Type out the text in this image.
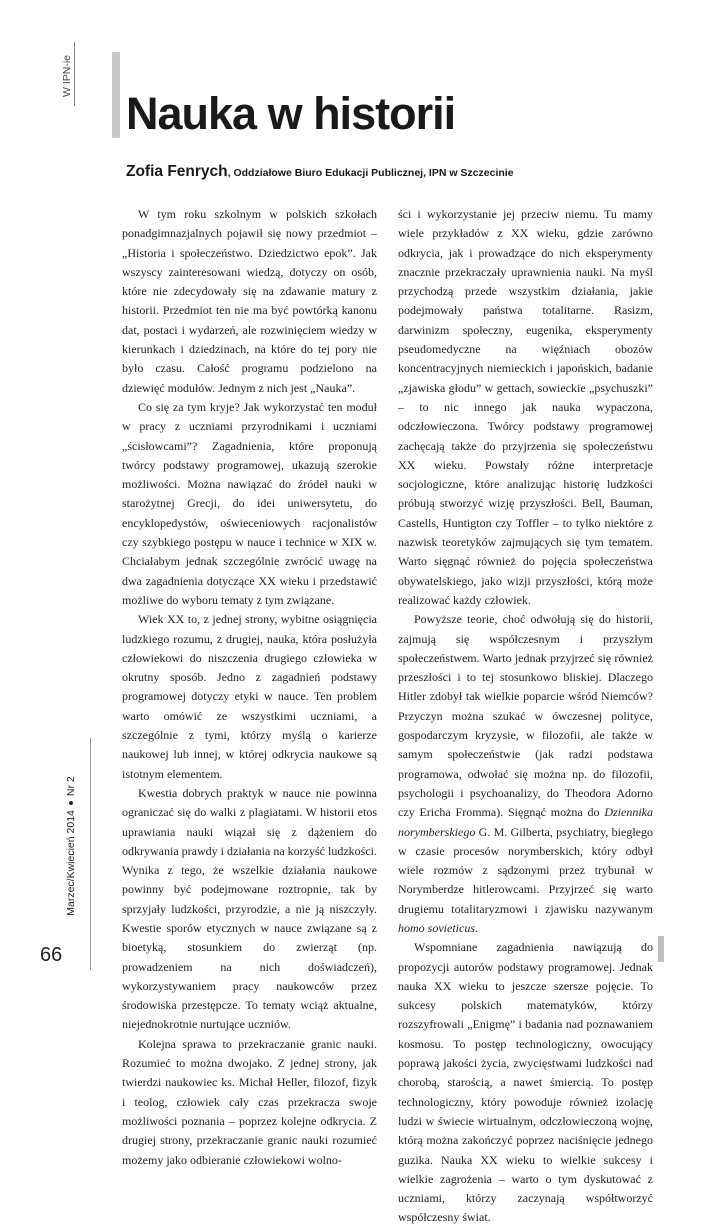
W IPN-ie
Marzec/Kwiecień 2014Nr 2
66
Nauka w historii
Zofia Fenrych, Oddziałowe Biuro Edukacji Publicznej, IPN w Szczecinie

W tym roku szkolnym w polskich szkołach ponadgimnazjalnych pojawił się nowy przedmiot – „Historia i społeczeństwo. Dziedzictwo epok”. Jak wszyscy zainteresowani wiedzą, dotyczy on osób, które nie zdecydowały się na zdawanie matury z historii. Przedmiot ten nie ma być powtórką kanonu dat, postaci i wydarzeń, ale rozwinięciem wiedzy w kierunkach i dziedzinach, na które do tej pory nie było czasu. Całość programu podzielono na dziewięć modułów. Jednym z nich jest „Nauka”.

Co się za tym kryje? Jak wykorzystać ten moduł w pracy z uczniami przyrodnikami i uczniami „ścisłowcami”? Zagadnienia, które proponują twórcy podstawy programowej, ukazują szerokie możliwości. Można nawiązać do źródeł nauki w starożytnej Grecji, do idei uniwersytetu, do encyklopedystów, oświeceniowych racjonalistów czy szybkiego postępu w nauce i technice w XIX w. Chciałabym jednak szczególnie zwrócić uwagę na dwa zagadnienia dotyczące XX wieku i przedstawić możliwe do wyboru tematy z tym związane.

Wiek XX to, z jednej strony, wybitne osiągnięcia ludzkiego rozumu, z drugiej, nauka, która posłużyła człowiekowi do niszczenia drugiego człowieka w okrutny sposób. Jedno z zagadnień podstawy programowej dotyczy etyki w nauce. Ten problem warto omówić ze wszystkimi uczniami, a szczególnie z tymi, którzy myślą o karierze naukowej lub innej, w której odkrycia naukowe są istotnym elementem.

Kwestia dobrych praktyk w nauce nie powinna ograniczać się do walki z plagiatami. W historii etos uprawiania nauki wiązał się z dążeniem do odkrywania prawdy i działania na korzyść ludzkości. Wynika z tego, że wszelkie działania naukowe powinny być podejmowane roztropnie, tak by sprzyjały ludzkości, przyrodzie, a nie ją niszczyły. Kwestie sporów etycznych w nauce związane są z bioetyką, stosunkiem do zwierząt (np. prowadzeniem na nich doświadczeń), wykorzystywaniem pracy naukowców przez środowiska przestępcze. To tematy wciąż aktualne, niejednokrotnie nurtujące uczniów.

Kolejna sprawa to przekraczanie granic nauki. Rozumieć to można dwojako. Z jednej strony, jak twierdzi naukowiec ks. Michał Heller, filozof, fizyk i teolog, człowiek cały czas przekracza swoje możliwości poznania – poprzez kolejne odkrycia. Z drugiej strony, przekraczanie granic nauki rozumieć możemy jako odbieranie człowiekowi wolno-

ści i wykorzystanie jej przeciw niemu. Tu mamy wiele przykładów z XX wieku, gdzie zarówno odkrycia, jak i prowadzące do nich eksperymenty znacznie przekraczały uprawnienia nauki. Na myśl przychodzą przede wszystkim działania, jakie podejmowały państwa totalitarne. Rasizm, darwinizm społeczny, eugenika, eksperymenty pseudomedyczne na więźniach obozów koncentracyjnych niemieckich i japońskich, badanie „zjawiska głodu” w gettach, sowieckie „psychuszki” – to nic innego jak nauka wypaczona, odczłowieczona. Twórcy podstawy programowej zachęcają także do przyjrzenia się społeczeństwu XX wieku. Powstały różne interpretacje socjologiczne, które analizując historię ludzkości próbują stworzyć wizję przyszłości. Bell, Bauman, Castells, Huntigton czy Toffler – to tylko niektóre z nazwisk teoretyków zajmujących się tym tematem. Warto sięgnąć również do pojęcia społeczeństwa obywatelskiego, jako wizji przyszłości, którą może realizować każdy człowiek.

Powyższe teorie, choć odwołują się do historii, zajmują się współczesnym i przyszłym społeczeństwem. Warto jednak przyjrzeć się również przeszłości i to tej stosunkowo bliskiej. Dlaczego Hitler zdobył tak wielkie poparcie wśród Niemców? Przyczyn można szukać w ówczesnej polityce, gospodarczym kryzysie, w filozofii, ale także w samym społeczeństwie (jak radzi podstawa programowa, odwołać się można np. do filozofii, psychologii i psychoanalizy, do Theodora Adorno czy Ericha Fromma). Sięgnąć można do Dziennika norymberskiego G. M. Gilberta, psychiatry, biegłego w czasie procesów norymberskich, który odbył wiele rozmów z sądzonymi przez trybunał w Norymberdze hitlerowcami. Przyjrzeć się warto drugiemu totalitaryzmowi i zjawisku nazywanym homo sovieticus.

Wspomniane zagadnienia nawiązują do propozycji autorów podstawy programowej. Jednak nauka XX wieku to jeszcze szersze pojęcie. To sukcesy polskich matematyków, którzy rozszyfrowali „Enigmę” i badania nad poznawaniem kosmosu. To postęp technologiczny, owocujący poprawą jakości życia, zwycięstwami ludzkości nad chorobą, starością, a nawet śmiercią. To postęp technologiczny, który powoduje również izolację ludzi w świecie wirtualnym, odczłowieczoną wojnę, którą można zakończyć poprzez naciśnięcie jednego guzika. Nauka XX wieku to wielkie sukcesy i wielkie zagrożenia – warto o tym dyskutować z uczniami, którzy zaczynają współtworzyć współczesny świat.
